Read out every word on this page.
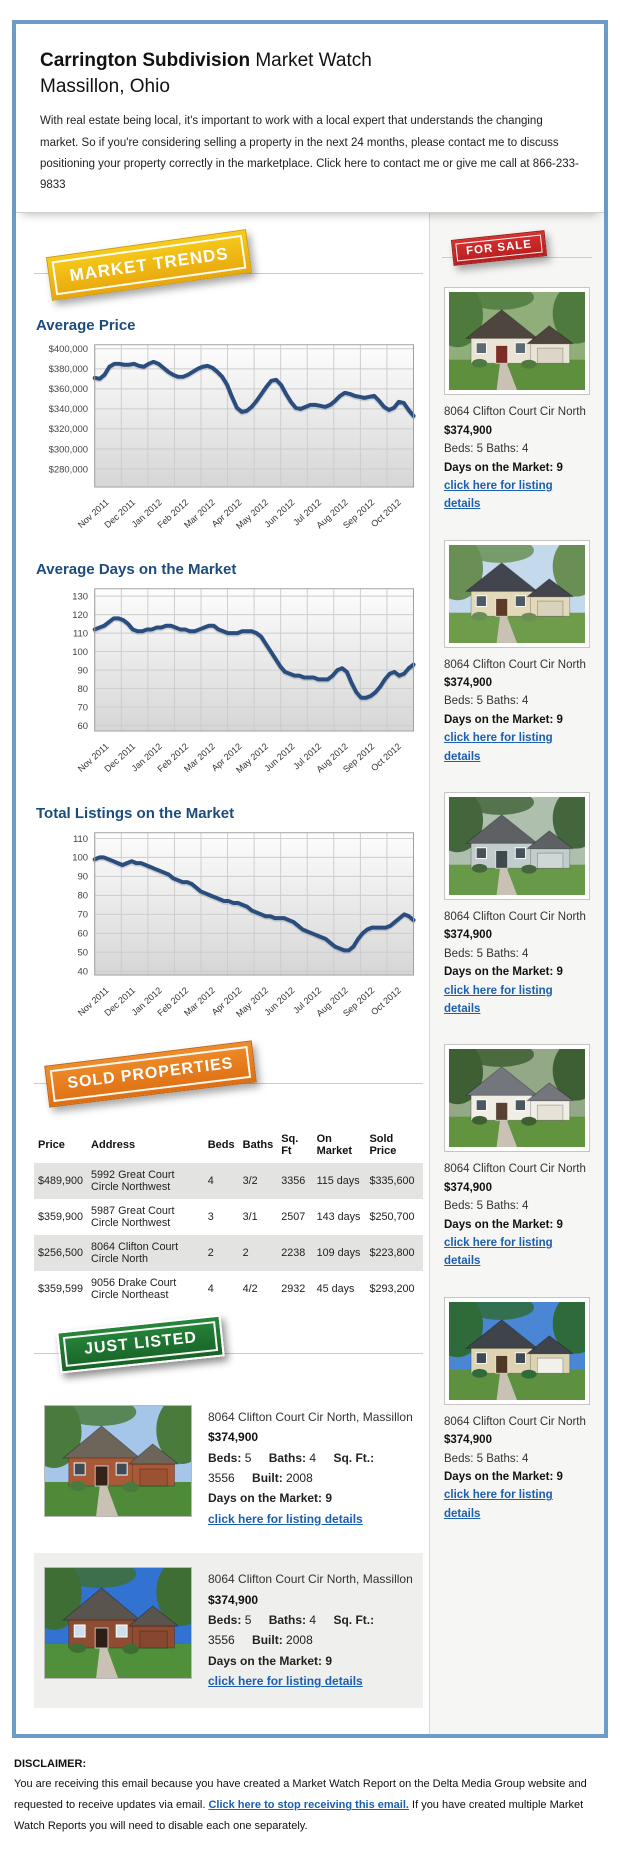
Carrington Subdivision Market Watch
Massillon, Ohio

With real estate being local, it's important to work with a local expert that understands the changing market. So if you're considering selling a property in the next 24 months, please contact me to discuss positioning your property correctly in the marketplace. Click here to contact me or give me call at 866-233-9833

MARKET TRENDS
Average Price
$400,000
$380,000
$360,000
$340,000
$320,000
$300,000
$280,000
Nov 2011
Dec 2011
Jan 2012
Feb 2012
Mar 2012
Apr 2012
May 2012
Jun 2012
Jul 2012
Aug 2012
Sep 2012
Oct 2012
Average Days on the Market
130
120
110
100
90
80
70
60
Nov 2011
Dec 2011
Jan 2012
Feb 2012
Mar 2012
Apr 2012
May 2012
Jun 2012
Jul 2012
Aug 2012
Sep 2012
Oct 2012
Total Listings on the Market
110
100
90
80
70
60
50
40
Nov 2011
Dec 2011
Jan 2012
Feb 2012
Mar 2012
Apr 2012
May 2012
Jun 2012
Jul 2012
Aug 2012
Sep 2012
Oct 2012
SOLD PROPERTIES
Price	Address	Beds	Baths	Sq. Ft	On Market	Sold Price
$489,900	5992 Great Court Circle Northwest	4	3/2	3356	115 days	$335,600
$359,900	5987 Great Court Circle Northwest	3	3/1	2507	143 days	$250,700
$256,500	8064 Clifton Court Circle North	2	2	2238	109 days	$223,800
$359,599	9056 Drake Court Circle Northeast	4	4/2	2932	45 days	$293,200
JUST LISTED
8064 Clifton Court Cir North, Massillon
$374,900
Beds: 5 Baths: 4 Sq. Ft.: 3556 Built: 2008
Days on the Market: 9
click here for listing details
8064 Clifton Court Cir North, Massillon
$374,900
Beds: 5 Baths: 4 Sq. Ft.: 3556 Built: 2008
Days on the Market: 9
click here for listing details
FOR SALE
8064 Clifton Court Cir North
$374,900
Beds: 5 Baths: 4
Days on the Market: 9
click here for listing details
8064 Clifton Court Cir North
$374,900
Beds: 5 Baths: 4
Days on the Market: 9
click here for listing details
8064 Clifton Court Cir North
$374,900
Beds: 5 Baths: 4
Days on the Market: 9
click here for listing details
8064 Clifton Court Cir North
$374,900
Beds: 5 Baths: 4
Days on the Market: 9
click here for listing details
8064 Clifton Court Cir North
$374,900
Beds: 5 Baths: 4
Days on the Market: 9
click here for listing details
DISCLAIMER:
You are receiving this email because you have created a Market Watch Report on the Delta Media Group website and requested to receive updates via email. Click here to stop receiving this email. If you have created multiple Market Watch Reports you will need to disable each one separately.
